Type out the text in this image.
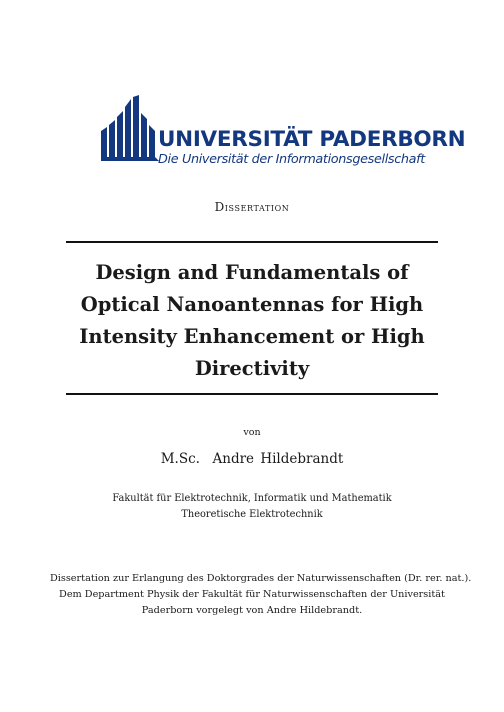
UNIVERSITÄT PADERBORN
Die Universität der Informationsgesellschaft
Dissertation
Design and Fundamentals of
Optical Nanoantennas for High
Intensity Enhancement or High
Directivity
von
M.Sc.  Andre Hildebrandt
Fakultät für Elektrotechnik, Informatik und Mathematik
Theoretische Elektrotechnik
Dissertation zur Erlangung des Doktorgrades der Naturwissenschaften (Dr. rer. nat.).
Dem Department Physik der Fakultät für Naturwissenschaften der Universität
Paderborn vorgelegt von Andre Hildebrandt.
